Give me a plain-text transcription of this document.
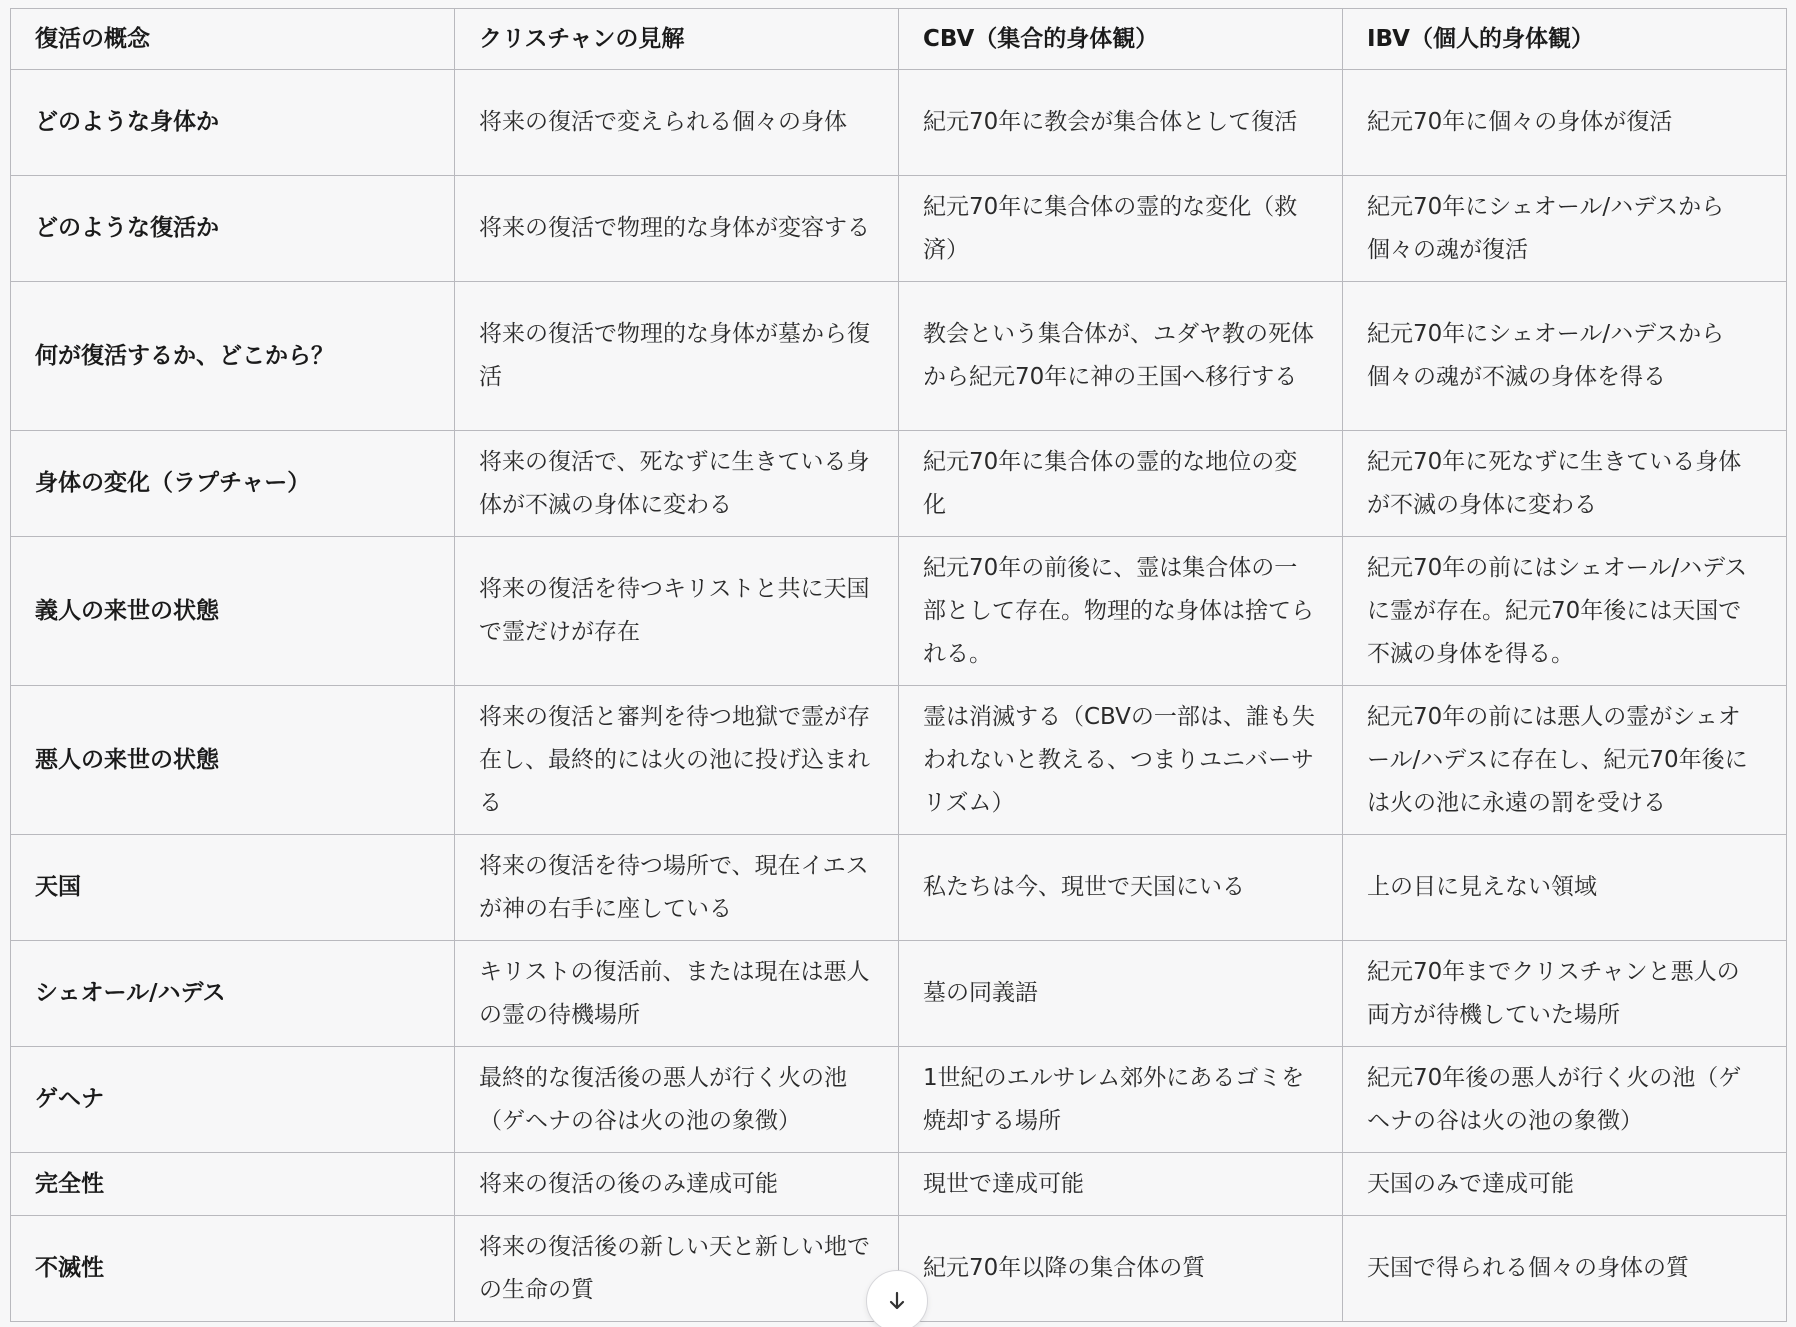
復活の概念	クリスチャンの見解	CBV（集合的身体観）	IBV（個人的身体観）
どのような身体か	将来の復活で変えられる個々の身体	紀元70年に教会が集合体として復活	紀元70年に個々の身体が復活
どのような復活か	将来の復活で物理的な身体が変容する	紀元70年に集合体の霊的な変化（救済）	紀元70年にシェオール/ハデスから個々の魂が復活
何が復活するか、どこから？	将来の復活で物理的な身体が墓から復活	教会という集合体が、ユダヤ教の死体から紀元70年に神の王国へ移行する	紀元70年にシェオール/ハデスから個々の魂が不滅の身体を得る
身体の変化（ラプチャー）	将来の復活で、死なずに生きている身体が不滅の身体に変わる	紀元70年に集合体の霊的な地位の変化	紀元70年に死なずに生きている身体が不滅の身体に変わる
義人の来世の状態	将来の復活を待つキリストと共に天国で霊だけが存在	紀元70年の前後に、霊は集合体の一部として存在。物理的な身体は捨てられる。	紀元70年の前にはシェオール/ハデスに霊が存在。紀元70年後には天国で不滅の身体を得る。
悪人の来世の状態	将来の復活と審判を待つ地獄で霊が存在し、最終的には火の池に投げ込まれる	霊は消滅する（CBVの一部は、誰も失われないと教える、つまりユニバーサリズム）	紀元70年の前には悪人の霊がシェオール/ハデスに存在し、紀元70年後には火の池に永遠の罰を受ける
天国	将来の復活を待つ場所で、現在イエスが神の右手に座している	私たちは今、現世で天国にいる	上の目に見えない領域
シェオール/ハデス	キリストの復活前、または現在は悪人の霊の待機場所	墓の同義語	紀元70年までクリスチャンと悪人の両方が待機していた場所
ゲヘナ	最終的な復活後の悪人が行く火の池（ゲヘナの谷は火の池の象徴）	1世紀のエルサレム郊外にあるゴミを焼却する場所	紀元70年後の悪人が行く火の池（ゲヘナの谷は火の池の象徴）
完全性	将来の復活の後のみ達成可能	現世で達成可能	天国のみで達成可能
不滅性	将来の復活後の新しい天と新しい地での生命の質	紀元70年以降の集合体の質	天国で得られる個々の身体の質
